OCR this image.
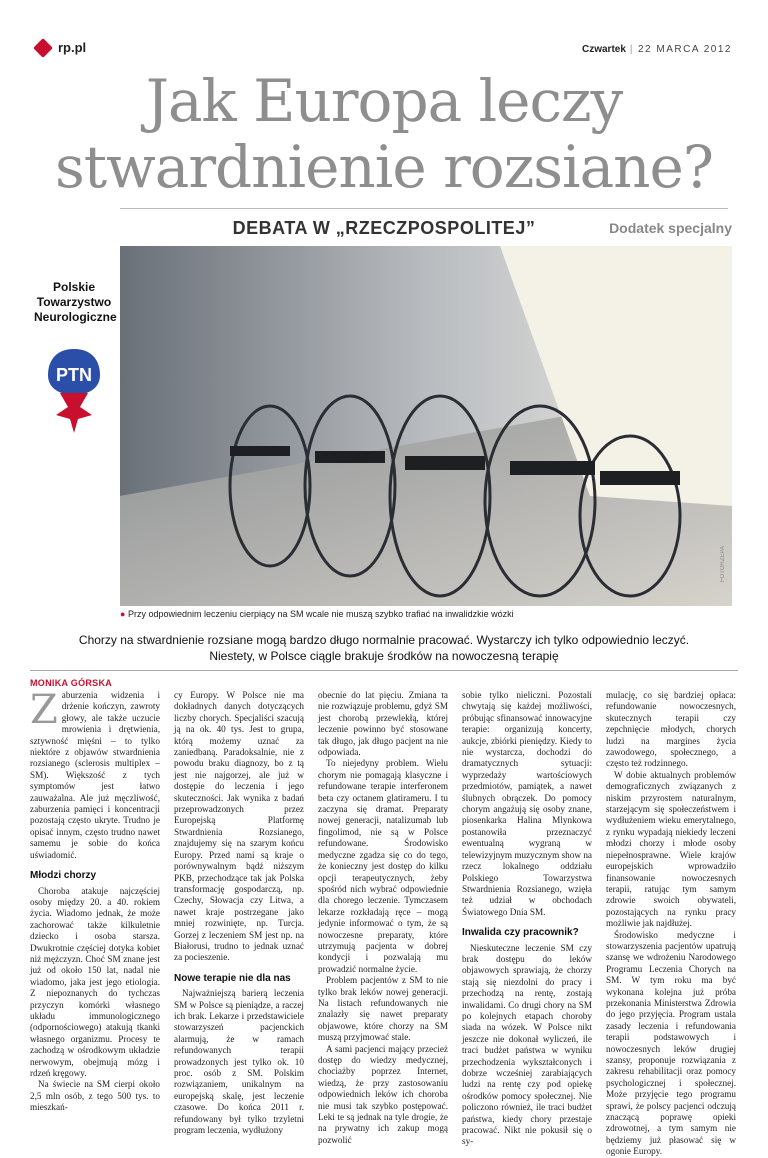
rp.pl	Czwartek | 22 MARCA 2012
Jak Europa leczy
stwardnienie rozsiane?
DEBATA W „RZECZPOSPOLITEJ”	Dodatek specjalny
Polskie
Towarzystwo
Neurologiczne
PTN
FOTORZEPA
● Przy odpowiednim leczeniu cierpiący na SM wcale nie muszą szybko trafiać na inwalidzkie wózki
Chorzy na stwardnienie rozsiane mogą bardzo długo normalnie pracować. Wystarczy ich tylko odpowiednio leczyć.
Niestety, w Polsce ciągle brakuje środków na nowoczesną terapię
MONIKA GÓRSKA

Zaburzenia widzenia i drżenie kończyn, zawroty głowy, ale także uczucie mrowienia i drętwienia, sztywność mięśni – to tylko niektóre z objawów stwardnienia rozsianego (sclerosis multiplex – SM). Większość z tych symptomów jest łatwo zauważalna. Ale już męczliwość, zaburzenia pamięci i koncentracji pozostają często ukryte. Trudno je opisać innym, często trudno nawet samemu je sobie do końca uświadomić.

Młodzi chorzy

Choroba atakuje najczęściej osoby między 20. a 40. rokiem życia. Wiadomo jednak, że może zachorować także kilkuletnie dziecko i osoba starsza. Dwukrotnie częściej dotyka kobiet niż mężczyzn. Choć SM znane jest już od około 150 lat, nadal nie wiadomo, jaka jest jego etiologia. Z niepoznanych do tychczas przyczyn komórki własnego układu immunologicznego (odpornościowego) atakują tkanki własnego organizmu. Procesy te zachodzą w ośrodkowym układzie nerwowym, obejmują mózg i rdzeń kręgowy.

Na świecie na SM cierpi około 2,5 mln osób, z tego 500 tys. to mieszkań-

cy Europy. W Polsce nie ma dokładnych danych dotyczących liczby chorych. Specjaliści szacują ją na ok. 40 tys. Jest to grupa, którą możemy uznać za zaniedbaną. Paradoksalnie, nie z powodu braku diagnozy, bo z tą jest nie najgorzej, ale już w dostępie do leczenia i jego skuteczności. Jak wynika z badań przeprowadzonych przez Europejską Platformę Stwardnienia Rozsianego, znajdujemy się na szarym końcu Europy. Przed nami są kraje o porównywalnym bądź niższym PKB, przechodzące tak jak Polska transformację gospodarczą, np. Czechy, Słowacja czy Litwa, a nawet kraje postrzegane jako mniej rozwinięte, np. Turcja. Gorzej z leczeniem SM jest np. na Białorusi, trudno to jednak uznać za pocieszenie.

Nowe terapie nie dla nas

Najważniejszą barierą leczenia SM w Polsce są pieniądze, a raczej ich brak. Lekarze i przedstawiciele stowarzyszeń pacjenckich alarmują, że w ramach refundowanych terapii prowadzonych jest tylko ok. 10 proc. osób z SM. Polskim rozwiązaniem, unikalnym na europejską skalę, jest leczenie czasowe. Do końca 2011 r. refundowany był tylko trzyletni program leczenia, wydłużony

obecnie do lat pięciu. Zmiana ta nie rozwiązuje problemu, gdyż SM jest chorobą przewlekłą, której leczenie powinno być stosowane tak długo, jak długo pacjent na nie odpowiada.

To niejedyny problem. Wielu chorym nie pomagają klasyczne i refundowane terapie interferonem beta czy octanem glatirameru. I tu zaczyna się dramat. Preparaty nowej generacji, natalizumab lub fingolimod, nie są w Polsce refundowane. Środowisko medyczne zgadza się co do tego, że konieczny jest dostęp do kilku opcji terapeutycznych, żeby spośród nich wybrać odpowiednie dla chorego leczenie. Tymczasem lekarze rozkładają ręce – mogą jedynie informować o tym, że są nowoczesne preparaty, które utrzymują pacjenta w dobrej kondycji i pozwalają mu prowadzić normalne życie.

Problem pacjentów z SM to nie tylko brak leków nowej generacji. Na listach refundowanych nie znalazły się nawet preparaty objawowe, które chorzy na SM muszą przyjmować stale.

A sami pacjenci mający przecież dostęp do wiedzy medycznej, chociażby poprzez Internet, wiedzą, że przy zastosowaniu odpowiednich leków ich choroba nie musi tak szybko postępować. Leki te są jednak na tyle drogie, że na prywatny ich zakup mogą pozwolić

sobie tylko nieliczni. Pozostali chwytają się każdej możliwości, próbując sfinansować innowacyjne terapie: organizują koncerty, aukcje, zbiórki pieniędzy. Kiedy to nie wystarcza, dochodzi do dramatycznych sytuacji: wyprzedaży wartościowych przedmiotów, pamiątek, a nawet ślubnych obrączek. Do pomocy chorym angażują się osoby znane, piosenkarka Halina Mlynkowa postanowiła przeznaczyć ewentualną wygraną w telewizyjnym muzycznym show na rzecz lokalnego oddziału Polskiego Towarzystwa Stwardnienia Rozsianego, wzięła też udział w obchodach Światowego Dnia SM.

Inwalida czy pracownik?

Nieskuteczne leczenie SM czy brak dostępu do leków objawowych sprawiają, że chorzy stają się niezdolni do pracy i przechodzą na rentę, zostają inwalidami. Co drugi chory na SM po kolejnych etapach choroby siada na wózek. W Polsce nikt jeszcze nie dokonał wyliczeń, ile traci budżet państwa w wyniku przechodzenia wykształconych i dobrze wcześniej zarabiających ludzi na rentę czy pod opiekę ośrodków pomocy społecznej. Nie policzono również, ile traci budżet państwa, kiedy chory przestaje pracować. Nikt nie pokusił się o sy-

mulację, co się bardziej opłaca: refundowanie nowoczesnych, skutecznych terapii czy zepchnięcie młodych, chorych ludzi na margines życia zawodowego, społecznego, a często też rodzinnego.

W dobie aktualnych problemów demograficznych związanych z niskim przyrostem naturalnym, starzejącym się społeczeństwem i wydłużeniem wieku emerytalnego, z rynku wypadają niekiedy leczeni młodzi chorzy i młode osoby niepełnosprawne. Wiele krajów europejskich wprowadziło finansowanie nowoczesnych terapii, ratując tym samym zdrowie swoich obywateli, pozostających na rynku pracy możliwie jak najdłużej.

Środowisko medyczne i stowarzyszenia pacjentów upatrują szansę we wdrożeniu Narodowego Programu Leczenia Chorych na SM. W tym roku ma być wykonana kolejna już próba przekonania Ministerstwa Zdrowia do jego przyjęcia. Program ustala zasady leczenia i refundowania terapii podstawowych i nowoczesnych leków drugiej szansy, proponuje rozwiązania z zakresu rehabilitacji oraz pomocy psychologicznej i społecznej. Może przyjęcie tego programu sprawi, że polscy pacjenci odczują znaczącą poprawę opieki zdrowotnej, a tym samym nie będziemy już płasować się w ogonie Europy.
